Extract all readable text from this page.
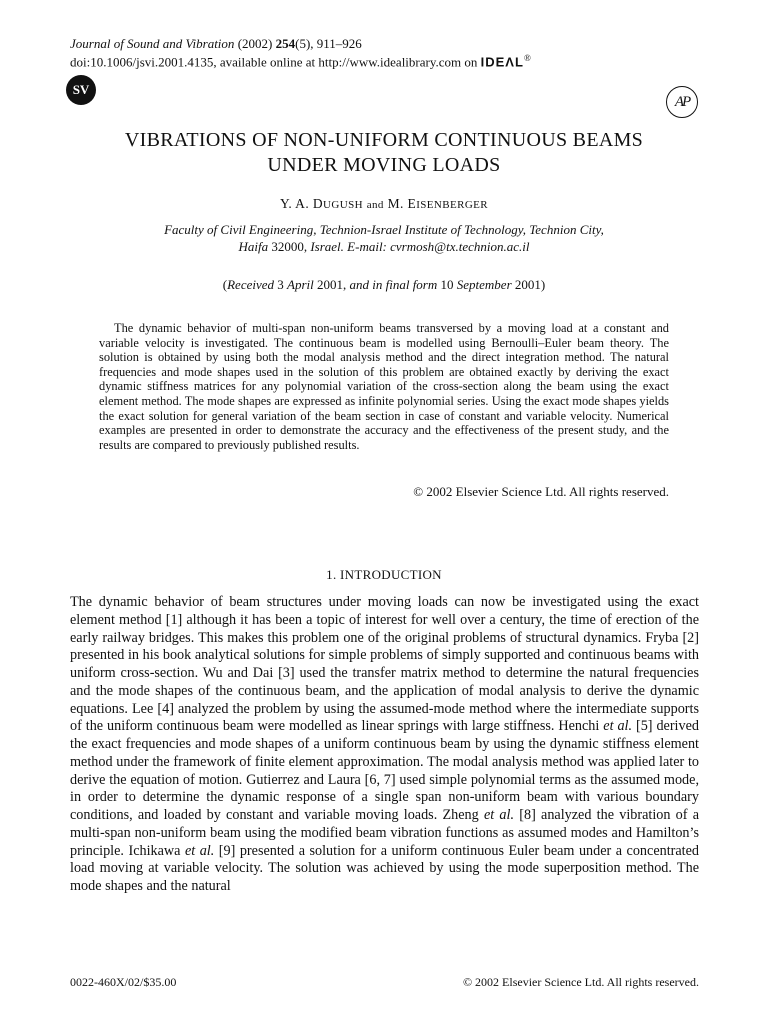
Journal of Sound and Vibration (2002) 254(5), 911–926
doi:10.1006/jsvi.2001.4135, available online at http://www.idealibrary.com on IDEΛL®
SV
AP
VIBRATIONS OF NON-UNIFORM CONTINUOUS BEAMS
UNDER MOVING LOADS
Y. A. DUGUSH and M. EISENBERGER
Faculty of Civil Engineering, Technion-Israel Institute of Technology, Technion City,
Haifa 32000, Israel. E-mail: cvrmosh@tx.technion.ac.il
(Received 3 April 2001, and in final form 10 September 2001)

The dynamic behavior of multi-span non-uniform beams transversed by a moving load at a constant and variable velocity is investigated. The continuous beam is modelled using Bernoulli–Euler beam theory. The solution is obtained by using both the modal analysis method and the direct integration method. The natural frequencies and mode shapes used in the solution of this problem are obtained exactly by deriving the exact dynamic stiffness matrices for any polynomial variation of the cross-section along the beam using the exact element method. The mode shapes are expressed as infinite polynomial series. Using the exact mode shapes yields the exact solution for general variation of the beam section in case of constant and variable velocity. Numerical examples are presented in order to demonstrate the accuracy and the effectiveness of the present study, and the results are compared to previously published results.

© 2002 Elsevier Science Ltd. All rights reserved.
1. INTRODUCTION

The dynamic behavior of beam structures under moving loads can now be investigated using the exact element method [1] although it has been a topic of interest for well over a century, the time of erection of the early railway bridges. This makes this problem one of the original problems of structural dynamics. Fryba [2] presented in his book analytical solutions for simple problems of simply supported and continuous beams with uniform cross-section. Wu and Dai [3] used the transfer matrix method to determine the natural frequencies and the mode shapes of the continuous beam, and the application of modal analysis to derive the dynamic equations. Lee [4] analyzed the problem by using the assumed-mode method where the intermediate supports of the uniform continuous beam were modelled as linear springs with large stiffness. Henchi et al. [5] derived the exact frequencies and mode shapes of a uniform continuous beam by using the dynamic stiffness element method under the framework of finite element approximation. The modal analysis method was applied later to derive the equation of motion. Gutierrez and Laura [6, 7] used simple polynomial terms as the assumed mode, in order to determine the dynamic response of a single span non-uniform beam with various boundary conditions, and loaded by constant and variable moving loads. Zheng et al. [8] analyzed the vibration of a multi-span non-uniform beam using the modified beam vibration functions as assumed modes and Hamilton’s principle. Ichikawa et al. [9] presented a solution for a uniform continuous Euler beam under a concentrated load moving at variable velocity. The solution was achieved by using the mode superposition method. The mode shapes and the natural

0022-460X/02/$35.00	© 2002 Elsevier Science Ltd. All rights reserved.
